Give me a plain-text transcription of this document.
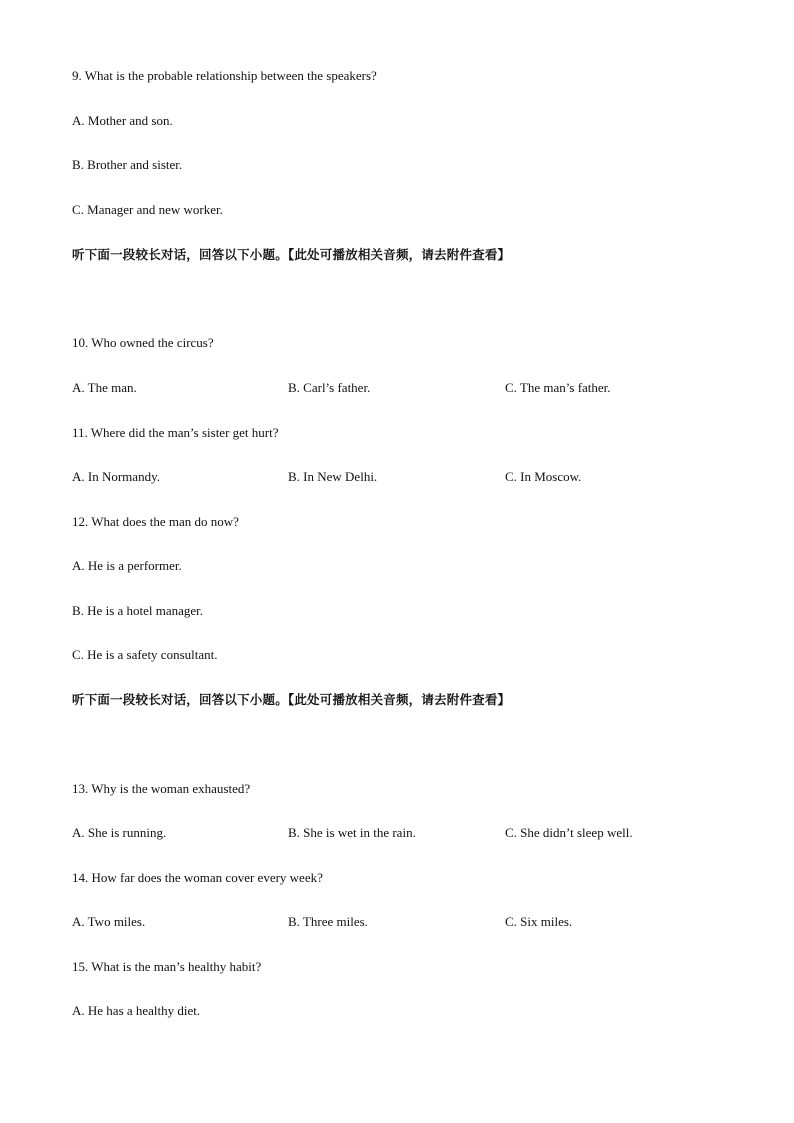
9. What is the probable relationship between the speakers?
A. Mother and son.
B. Brother and sister.
C. Manager and new worker.
听下面一段较长对话，回答以下小题。【此处可播放相关音频，请去附件查看】
10. Who owned the circus?
A. The man.	B. Carl’s father.	C. The man’s father.
11. Where did the man’s sister get hurt?
A. In Normandy.	B. In New Delhi.	C. In Moscow.
12. What does the man do now?
A. He is a performer.
B. He is a hotel manager.
C. He is a safety consultant.
听下面一段较长对话，回答以下小题。【此处可播放相关音频，请去附件查看】
13. Why is the woman exhausted?
A. She is running.	B. She is wet in the rain.	C. She didn’t sleep well.
14. How far does the woman cover every week?
A. Two miles.	B. Three miles.	C. Six miles.
15. What is the man’s healthy habit?
A. He has a healthy diet.
